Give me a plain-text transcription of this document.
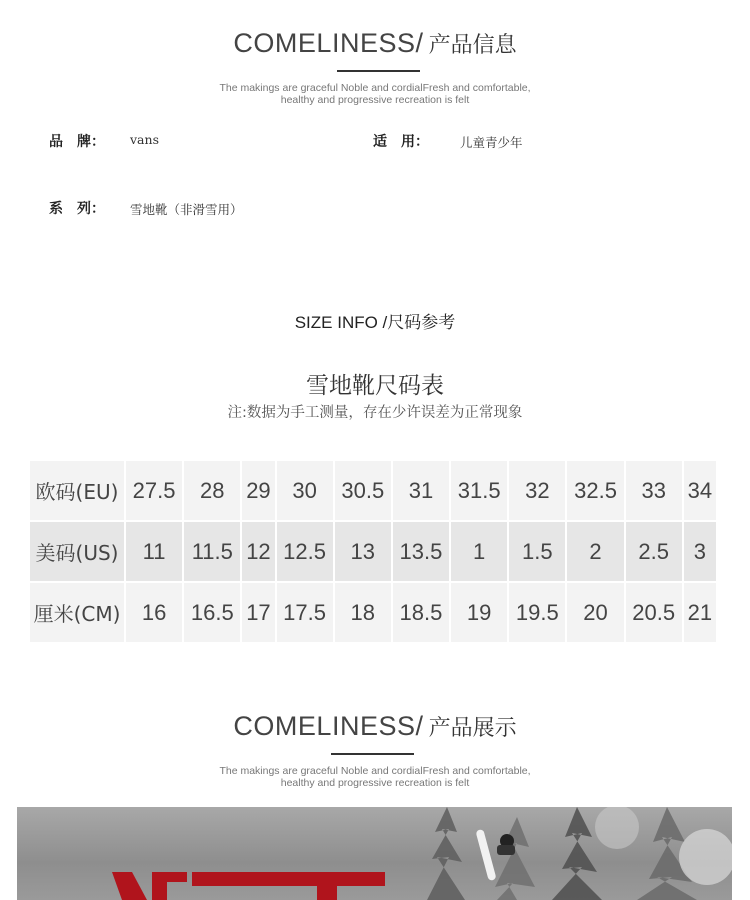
COMELINESS/ 产品信息
The makings are graceful Noble and cordialFresh and comfortable,
healthy and progressive recreation is felt
品　牌： vans	适　用： 儿童青少年
系　列： 雪地靴（非滑雪用）
SIZE INFO /尺码参考
雪地靴尺码表
注:数据为手工测量，存在少许误差为正常现象
欧码(EU)	27.5	28	29	30	30.5	31	31.5	32	32.5	33	34
美码(US)	11	11.5	12	12.5	13	13.5	1	1.5	2	2.5	3
厘米(CM)	16	16.5	17	17.5	18	18.5	19	19.5	20	20.5	21
COMELINESS/ 产品展示
The makings are graceful Noble and cordialFresh and comfortable,
healthy and progressive recreation is felt
